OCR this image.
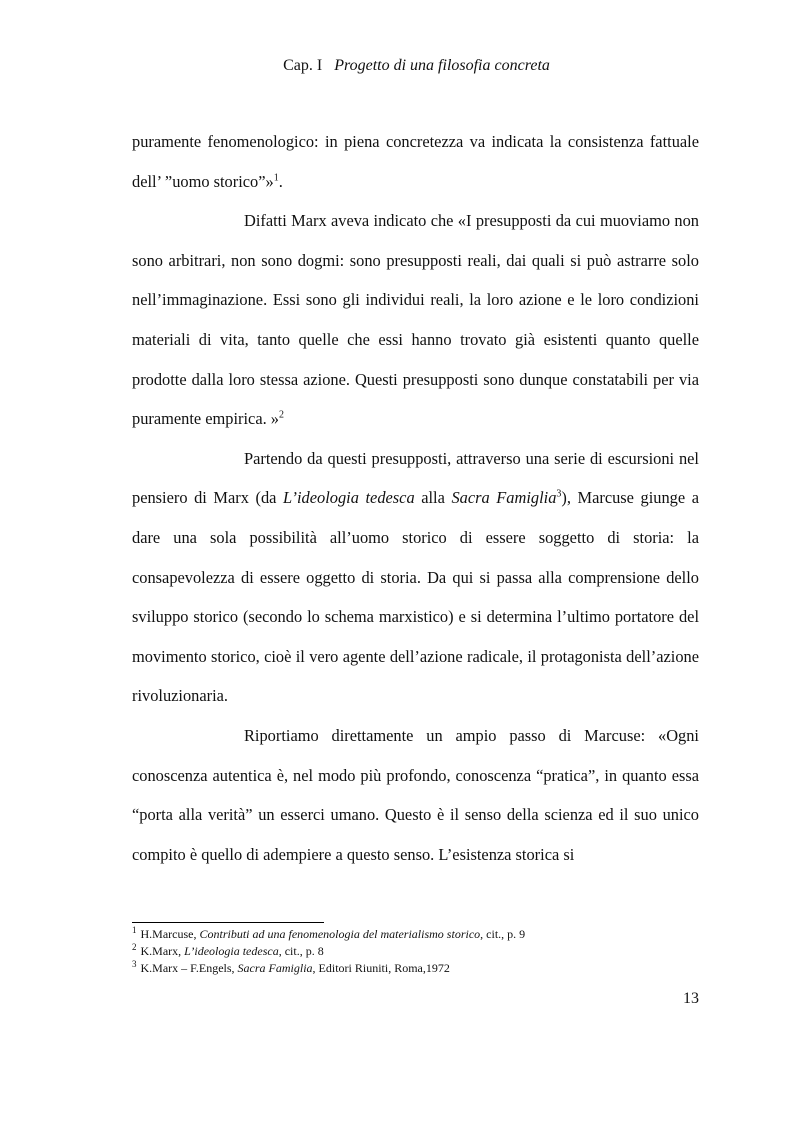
Cap. I Progetto di una filosofia concreta

puramente fenomenologico: in piena concretezza va indicata la consistenza fattuale dell’ ”uomo storico”»$^1$.

Difatti Marx aveva indicato che «I presupposti da cui muoviamo non sono arbitrari, non sono dogmi: sono presupposti reali, dai quali si può astrarre solo nell’immaginazione. Essi sono gli individui reali, la loro azione e le loro condizioni materiali di vita, tanto quelle che essi hanno trovato già esistenti quanto quelle prodotte dalla loro stessa azione. Questi presupposti sono dunque constatabili per via puramente empirica. »$^2$

Partendo da questi presupposti, attraverso una serie di escursioni nel pensiero di Marx (da L’ideologia tedesca alla Sacra Famiglia$^3$), Marcuse giunge a dare una sola possibilità all’uomo storico di essere soggetto di storia: la consapevolezza di essere oggetto di storia. Da qui si passa alla comprensione dello sviluppo storico (secondo lo schema marxistico) e si determina l’ultimo portatore del movimento storico, cioè il vero agente dell’azione radicale, il protagonista dell’azione rivoluzionaria.

Riportiamo direttamente un ampio passo di Marcuse: «Ogni conoscenza autentica è, nel modo più profondo, conoscenza “pratica”, in quanto essa “porta alla verità” un esserci umano. Questo è il senso della scienza ed il suo unico compito è quello di adempiere a questo senso. L’esistenza storica si

$^1$ H.Marcuse, Contributi ad una fenomenologia del materialismo storico, cit., p. 9
$^2$ K.Marx, L’ideologia tedesca, cit., p. 8
$^3$ K.Marx – F.Engels, Sacra Famiglia, Editori Riuniti, Roma,1972
13
